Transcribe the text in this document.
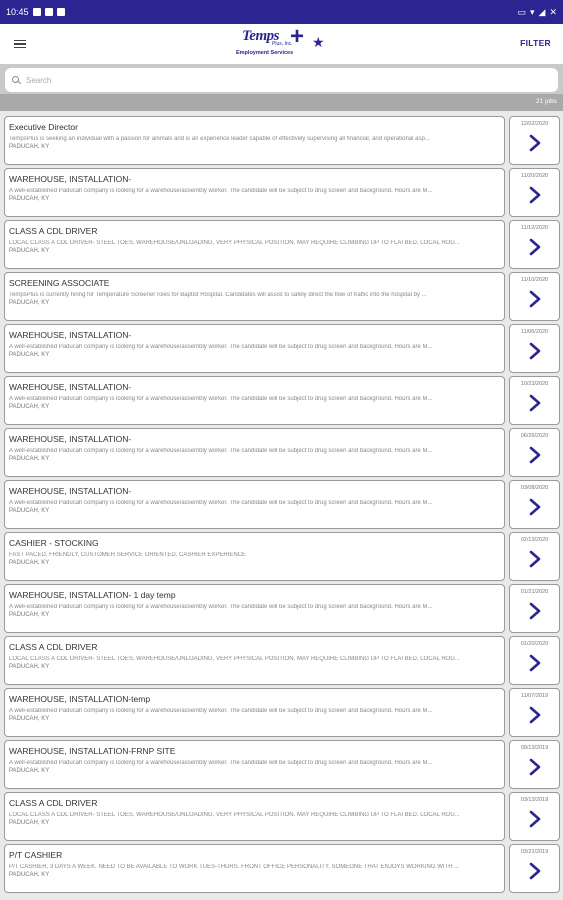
10:45	▭ ▾ ◢ ✕
Temps
Plus, Inc.
+ ★
Employment Services
FILTER
Search
21 jobs
Executive Director
TempsPlus is seeking an individual with a passion for animals and is an experience leader capable of effectively supervising all financial, and operational asp...
PADUCAH, KY
12/02/2020
WAREHOUSE, INSTALLATION-
A well-established Paducah company is looking for a warehouse/assembly worker. The candidate will be subject to drug screen and background. Hours are M...
PADUCAH, KY
11/20/2020
CLASS A CDL DRIVER
LOCAL CLASS A CDL DRIVER- STEEL TOES, WAREHOUSE/UNLOADING, VERY PHYSICAL POSITION. MAY REQUIRE CLIMBING UP TO FLATBED. LOCAL ROU...
PADUCAH, KY
11/12/2020
SCREENING ASSOCIATE
TempsPlus is currently hiring for Temperature Screener roles for Baptist Hospital. Candidates will assist to safely direct the flow of traffic into the hospital by ...
PADUCAH, KY
11/10/2020
WAREHOUSE, INSTALLATION-
A well-established Paducah company is looking for a warehouse/assembly worker. The candidate will be subject to drug screen and background. Hours are M...
PADUCAH, KY
11/06/2020
WAREHOUSE, INSTALLATION-
A well-established Paducah company is looking for a warehouse/assembly worker. The candidate will be subject to drug screen and background. Hours are M...
PADUCAH, KY
10/23/2020
WAREHOUSE, INSTALLATION-
A well-established Paducah company is looking for a warehouse/assembly worker. The candidate will be subject to drug screen and background. Hours are M...
PADUCAH, KY
06/26/2020
WAREHOUSE, INSTALLATION-
A well-established Paducah company is looking for a warehouse/assembly worker. The candidate will be subject to drug screen and background. Hours are M...
PADUCAH, KY
03/08/2020
CASHIER - STOCKING
FAST PACED, FRIENDLY, CUSTOMER SERVICE ORIENTED, CASHIER EXPERIENCE
PADUCAH, KY
02/13/2020
WAREHOUSE, INSTALLATION- 1 day temp
A well-established Paducah company is looking for a warehouse/assembly worker. The candidate will be subject to drug screen and background. Hours are M...
PADUCAH, KY
01/21/2020
CLASS A CDL DRIVER
LOCAL CLASS A CDL DRIVER- STEEL TOES, WAREHOUSE/UNLOADING, VERY PHYSICAL POSITION. MAY REQUIRE CLIMBING UP TO FLATBED. LOCAL ROU...
PADUCAH, KY
01/20/2020
WAREHOUSE, INSTALLATION-temp
A well-established Paducah company is looking for a warehouse/assembly worker. The candidate will be subject to drug screen and background. Hours are M...
PADUCAH, KY
11/07/2019
WAREHOUSE, INSTALLATION-FRNP SITE
A well-established Paducah company is looking for a warehouse/assembly worker. The candidate will be subject to drug screen and background. Hours are M...
PADUCAH, KY
09/13/2019
CLASS A CDL DRIVER
LOCAL CLASS A CDL DRIVER- STEEL TOES, WAREHOUSE/UNLOADING, VERY PHYSICAL POSITION. MAY REQUIRE CLIMBING UP TO FLATBED. LOCAL ROU...
PADUCAH, KY
03/13/2019
P/T CASHIER
P/T CASHIER, 3 DAYS A WEEK. NEED TO BE AVAILABLE TO WORK TUES-THURS. FRONT OFFICE PERSONALITY, SOMEONE THAT ENJOYS WORKING WITH ...
PADUCAH, KY
03/21/2019
